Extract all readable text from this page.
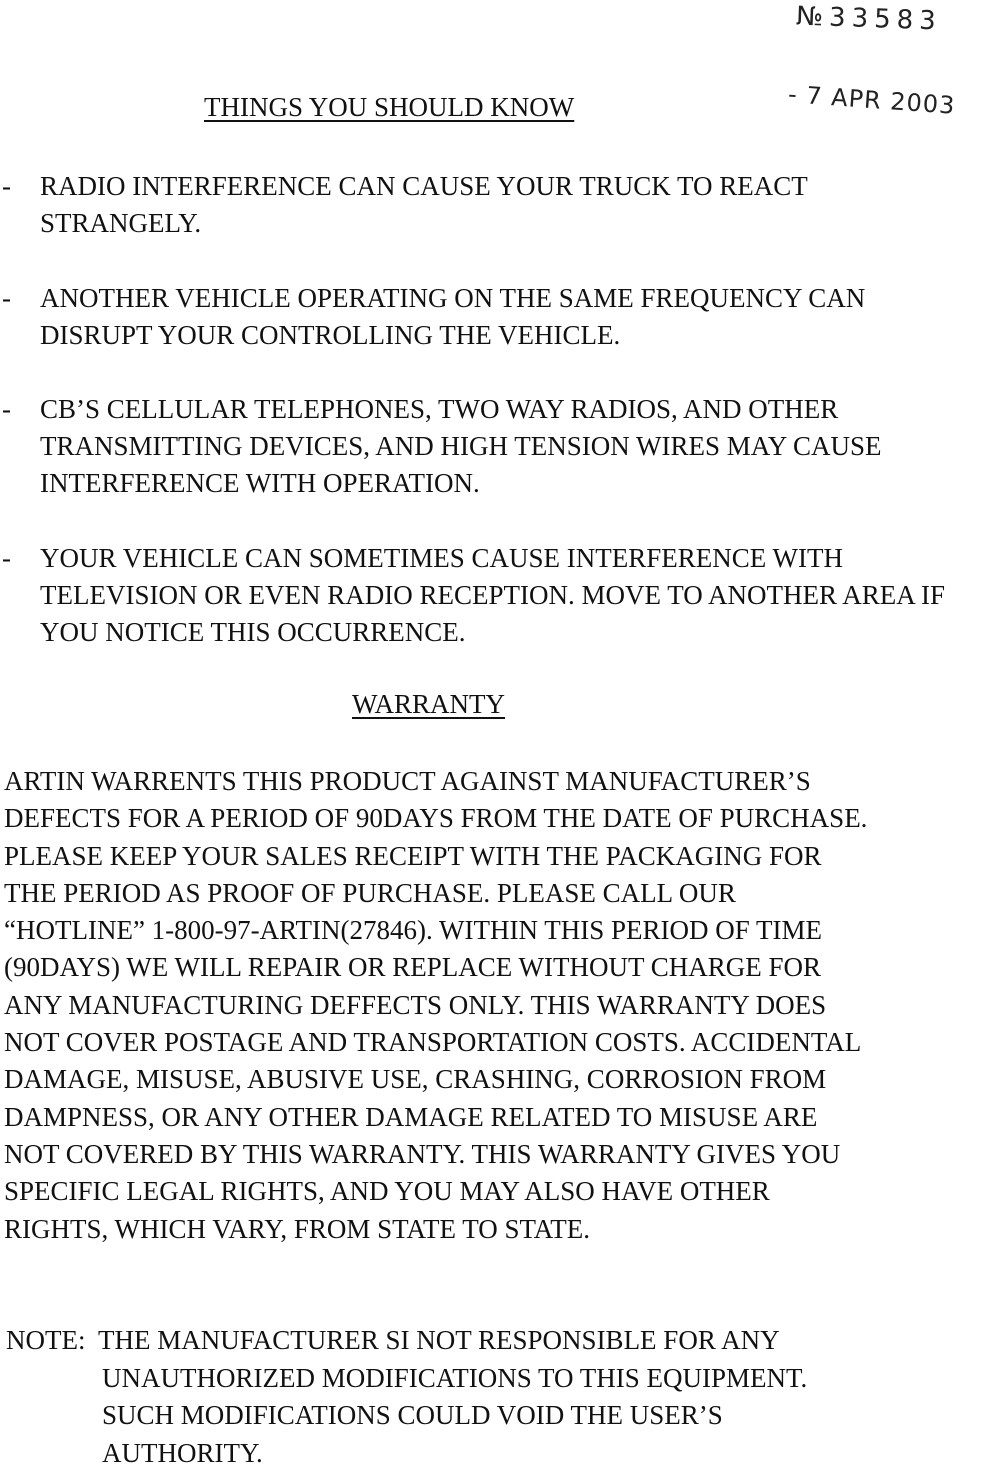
№33583
- 7 APR 2003
THINGS YOU SHOULD KNOW
- RADIO INTERFERENCE CAN CAUSE YOUR TRUCK TO REACT STRANGELY.
- ANOTHER VEHICLE OPERATING ON THE SAME FREQUENCY CAN DISRUPT YOUR CONTROLLING THE VEHICLE.
- CB’S CELLULAR TELEPHONES, TWO WAY RADIOS, AND OTHER TRANSMITTING DEVICES, AND HIGH TENSION WIRES MAY CAUSE INTERFERENCE WITH OPERATION.
- YOUR VEHICLE CAN SOMETIMES CAUSE INTERFERENCE WITH TELEVISION OR EVEN RADIO RECEPTION. MOVE TO ANOTHER AREA IF YOU NOTICE THIS OCCURRENCE.
WARRANTY
ARTIN WARRENTS THIS PRODUCT AGAINST MANUFACTURER’S
DEFECTS FOR A PERIOD OF 90DAYS FROM THE DATE OF PURCHASE.
PLEASE KEEP YOUR SALES RECEIPT WITH THE PACKAGING FOR
THE PERIOD AS PROOF OF PURCHASE. PLEASE CALL OUR
“HOTLINE” 1-800-97-ARTIN(27846). WITHIN THIS PERIOD OF TIME
(90DAYS) WE WILL REPAIR OR REPLACE WITHOUT CHARGE FOR
ANY MANUFACTURING DEFFECTS ONLY. THIS WARRANTY DOES
NOT COVER POSTAGE AND TRANSPORTATION COSTS. ACCIDENTAL
DAMAGE, MISUSE, ABUSIVE USE, CRASHING, CORROSION FROM
DAMPNESS, OR ANY OTHER DAMAGE RELATED TO MISUSE ARE
NOT COVERED BY THIS WARRANTY. THIS WARRANTY GIVES YOU
SPECIFIC LEGAL RIGHTS, AND YOU MAY ALSO HAVE OTHER
RIGHTS, WHICH VARY, FROM STATE TO STATE.
NOTE: THE MANUFACTURER SI NOT RESPONSIBLE FOR ANY
UNAUTHORIZED MODIFICATIONS TO THIS EQUIPMENT.
SUCH MODIFICATIONS COULD VOID THE USER’S
AUTHORITY.
